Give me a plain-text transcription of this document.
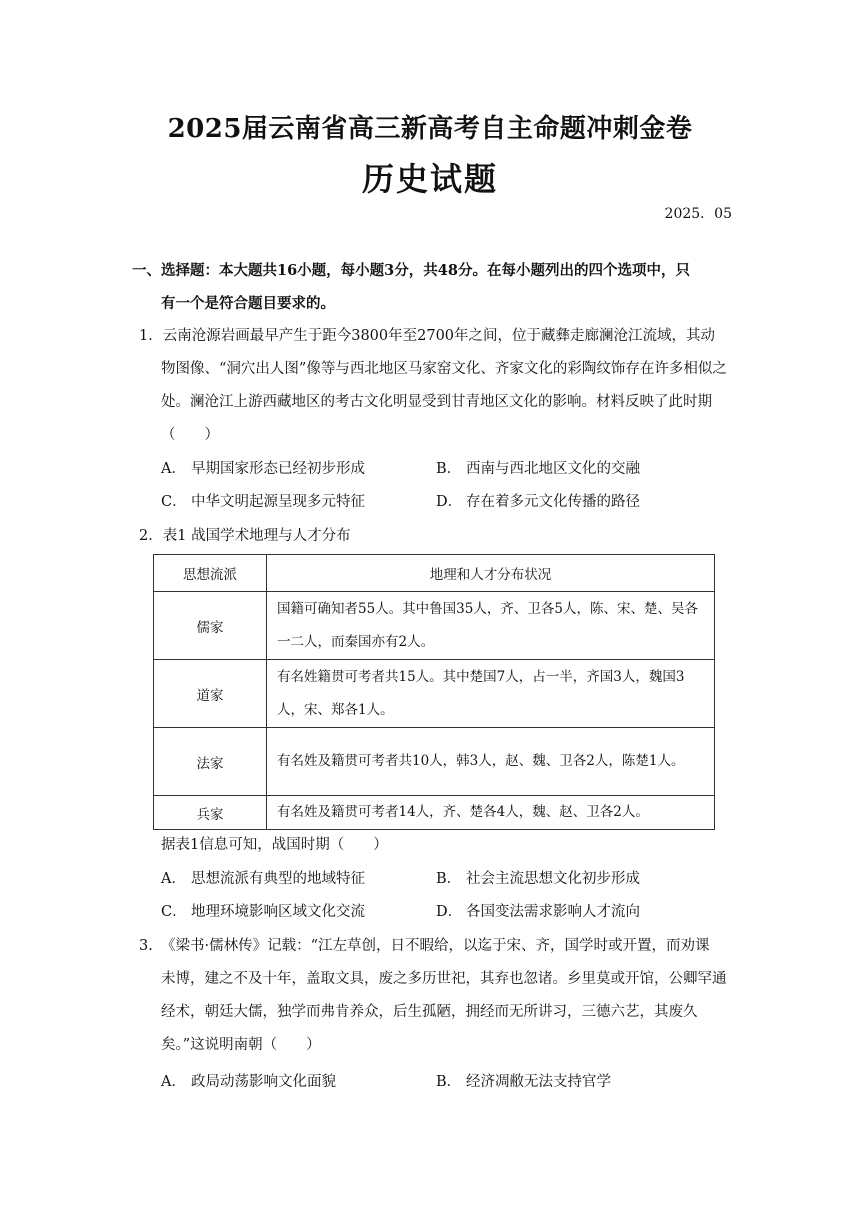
2025届云南省高三新高考自主命题冲刺金卷
历史试题
2025．05
一、选择题：本大题共16小题，每小题3分，共48分。在每小题列出的四个选项中，只
有一个是符合题目要求的。
1．云南沧源岩画最早产生于距今3800年至2700年之间，位于藏彝走廊澜沧江流域，其动
物图像、“洞穴出人图”像等与西北地区马家窑文化、齐家文化的彩陶纹饰存在许多相似之处。澜沧江上游西藏地区的考古文化明显受到甘青地区文化的影响。材料反映了此时期（　　）
A． 早期国家形态已经初步形成	B． 西南与西北地区文化的交融
C． 中华文明起源呈现多元特征	D． 存在着多元文化传播的路径
2．表1 战国学术地理与人才分布
思想流派	地理和人才分布状况
儒家	国籍可确知者55人。其中鲁国35人，齐、卫各5人，陈、宋、楚、吴各一二人，而秦国亦有2人。
道家	有名姓籍贯可考者共15人。其中楚国7人，占一半，齐国3人，魏国3人，宋、郑各1人。
法家	有名姓及籍贯可考者共10人，韩3人，赵、魏、卫各2人，陈楚1人。
兵家	有名姓及籍贯可考者14人，齐、楚各4人，魏、赵、卫各2人。
据表1信息可知，战国时期（　　）
A． 思想流派有典型的地域特征	B． 社会主流思想文化初步形成
C． 地理环境影响区域文化交流	D． 各国变法需求影响人才流向
3. 《梁书·儒林传》记载：“江左草创，日不暇给，以迄于宋、齐，国学时或开置，而劝课
未博，建之不及十年，盖取文具，废之多历世祀，其弃也忽诸。乡里莫或开馆，公卿罕通经术，朝廷大儒，独学而弗肯养众，后生孤陋，拥经而无所讲习，三德六艺，其废久矣。”这说明南朝（　　）
A． 政局动荡影响文化面貌	B． 经济凋敝无法支持官学
